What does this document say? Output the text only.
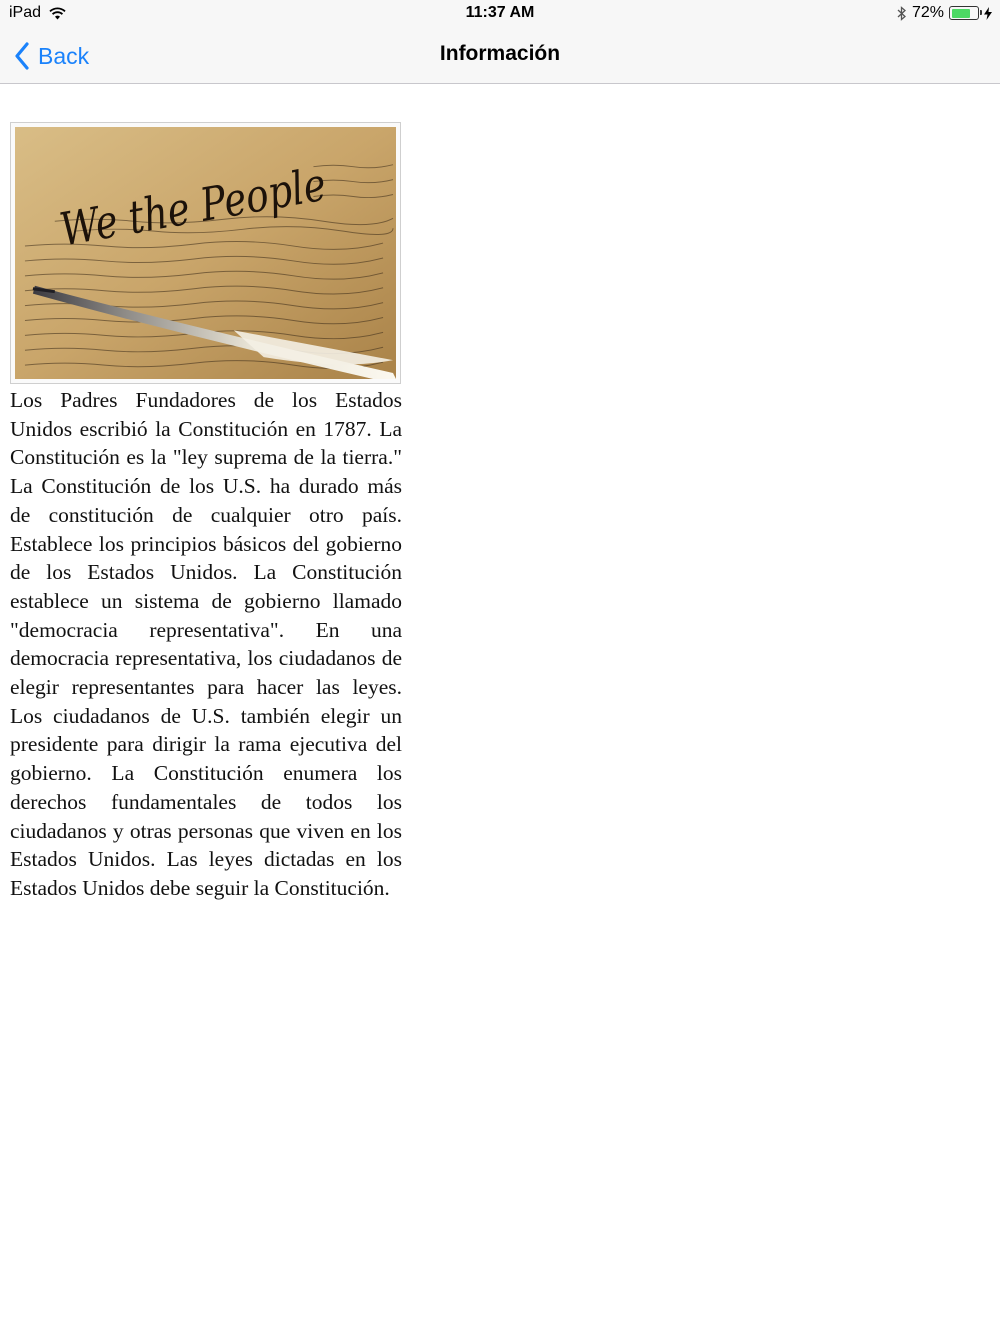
iPad	11:37 AM	72%
Back	Información
We the People

Los Padres Fundadores de los Estados Unidos escribió la Constitución en 1787. La Constitución es la "ley suprema de la tierra." La Constitución de los U.S. ha durado más de constitución de cualquier otro país. Establece los principios básicos del gobierno de los Estados Unidos. La Constitución establece un sistema de gobierno llamado "democracia representativa". En una democracia representativa, los ciudadanos de elegir representantes para hacer las leyes. Los ciudadanos de U.S. también elegir un presidente para dirigir la rama ejecutiva del gobierno. La Constitución enumera los derechos fundamentales de todos los ciudadanos y otras personas que viven en los Estados Unidos. Las leyes dictadas en los Estados Unidos debe seguir la Constitución.
